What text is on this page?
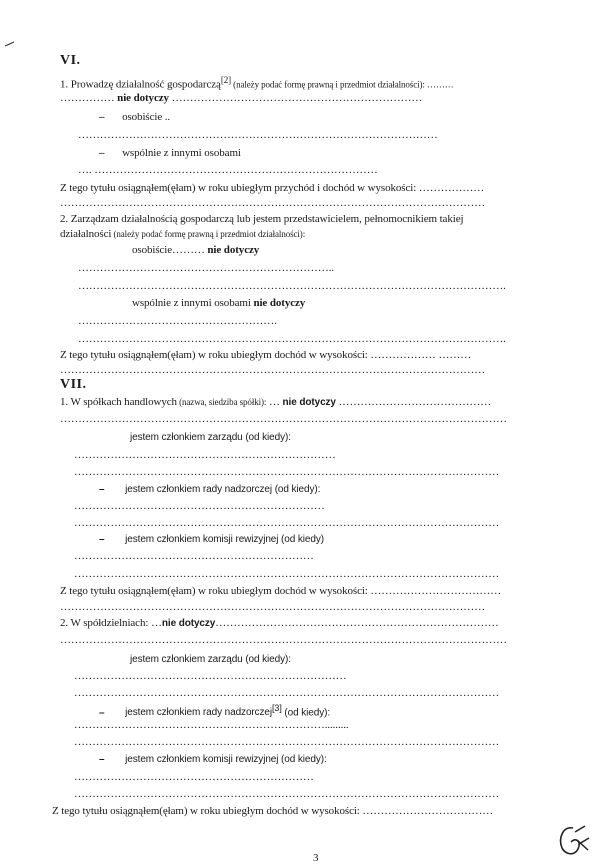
VI.
1. Prowadzę działalność gospodarczą[2] (należy podać formę prawną i przedmiot działalności): ………
…………… nie dotyczy ……………………………………………………………
– osobiście ..
………………………………………………………………………………………
– wspólnie z innymi osobami
…. ……………………………………………………………………
Z tego tytułu osiągnąłem(ęłam) w roku ubiegłym przychód i dochód w wysokości: ………………
………………………………………………………………………………………………………
2. Zarządzam działalnością gospodarczą lub jestem przedstawicielem, pełnomocnikiem takiej
działalności (należy podać formę prawną i przedmiot działalności):
osobiście……… nie dotyczy
……………………………………………………………..
……………………………………………………………………………………………………….
wspólnie z innymi osobami nie dotyczy
……………………………………………….
……………………………………………………………………………………………………….
Z tego tytułu osiągnąłem(ęłam) w roku ubiegłym dochód w wysokości: ……………… ………
………………………………………………………………………………………………………
VII.
1. W spółkach handlowych (nazwa, siedziba spółki): … nie dotyczy ……………………………………
……………………………………………………………………………………………………………
jestem członkiem zarządu (od kiedy):
………………………………………………………………
………………………………………………………………………………………………………
– jestem członkiem rady nadzorczej (od kiedy):
……………………………………………………………
………………………………………………………………………………………………………
– jestem członkiem komisji rewizyjnej (od kiedy)
…………………………………………………………
………………………………………………………………………………………………………
Z tego tytułu osiągnąłem(ęłam) w roku ubiegłym dochód w wysokości: ………………………………
………………………………………………………………………………………………………
2. W spółdzielniach: …nie dotyczy……………………………………………………………………
……………………………………………………………………………………………………………
jestem członkiem zarządu (od kiedy):
…………………………………………………………………
………………………………………………………………………………………………………
– jestem członkiem rady nadzorczej[3] (od kiedy):
…………………………………………………………….........
………………………………………………………………………………………………………
– jestem członkiem komisji rewizyjnej (od kiedy):
…………………………………………………………
………………………………………………………………………………………………………
Z tego tytułu osiągnąłem(ęłam) w roku ubiegłym dochód w wysokości: ………………………………
3
